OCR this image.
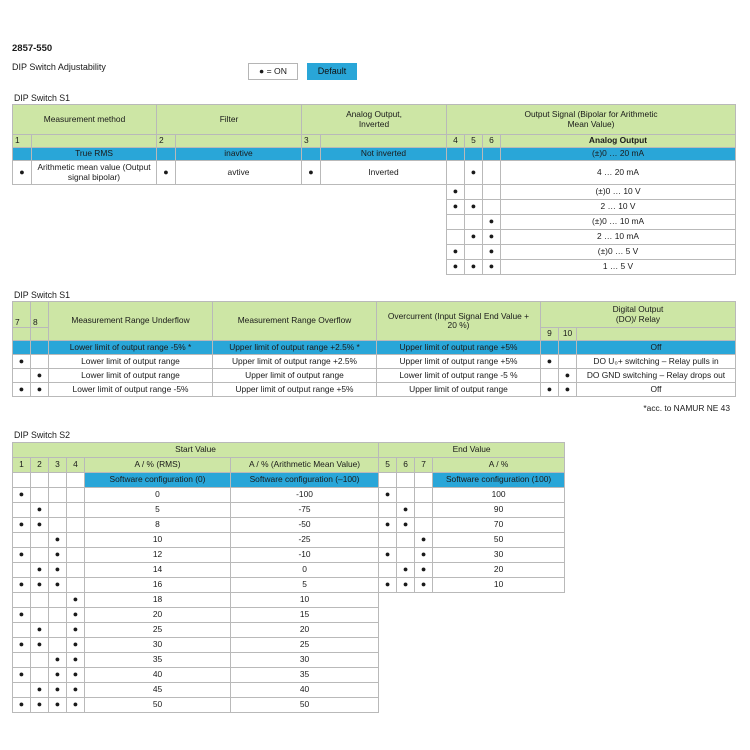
2857-550
DIP Switch Adjustability	● = ON	Default
DIP Switch S1
Measurement method		Filter		Analog Output, Inverted		Output Signal (Bipolar for Arithmetic Mean Value)			
1		2		3		4	5	6	Analog Output
	True RMS		inavtive		Not inverted				(±)0 … 20 mA
●	Arithmetic mean value (Output signal bipolar)	●	avtive	●	Inverted		●		4 … 20 mA
						●			(±)0 … 10 V
						●	●		2 … 10 V
								●	(±)0 … 10 mA
							●	●	2 … 10 mA
						●		●	(±)0 … 5 V
						●	●	●	1 … 5 V
DIP Switch S1
7	8	Measurement Range Underflow	Measurement Range Overflow	Overcurrent (Input Signal End Value + 20 %)	Digital Output (DO)/ Relay		
					9	10	
		Lower limit of output range -5% *	Upper limit of output range +2.5% *	Upper limit of output range +5%			Off
●		Lower limit of output range	Upper limit of output range +2.5%	Upper limit of output range +5%	●		DO U₀+ switching – Relay pulls in
	●	Lower limit of output range	Upper limit of output range	Lower limit of output range -5 %		●	DO GND switching – Relay drops out
●	●	Lower limit of output range -5%	Upper limit of output range +5%	Upper limit of output range	●	●	Off
*acc. to NAMUR NE 43
DIP Switch S2
Start Value						End Value			
1	2	3	4	A / % (RMS)	A / % (Arithmetic Mean Value)	5	6	7	A / %
				Software configuration (0)	Software configuration (–100)				Software configuration (100)
●				0	-100	●			100
	●			5	-75		●		90
●	●			8	-50	●	●		70
		●		10	-25			●	50
●		●		12	-10	●		●	30
	●	●		14	0		●	●	20
●	●	●		16	5	●	●	●	10
			●	18	10				
●			●	20	15				
	●		●	25	20				
●	●		●	30	25				
		●	●	35	30				
●		●	●	40	35				
	●	●	●	45	40				
●	●	●	●	50	50				
